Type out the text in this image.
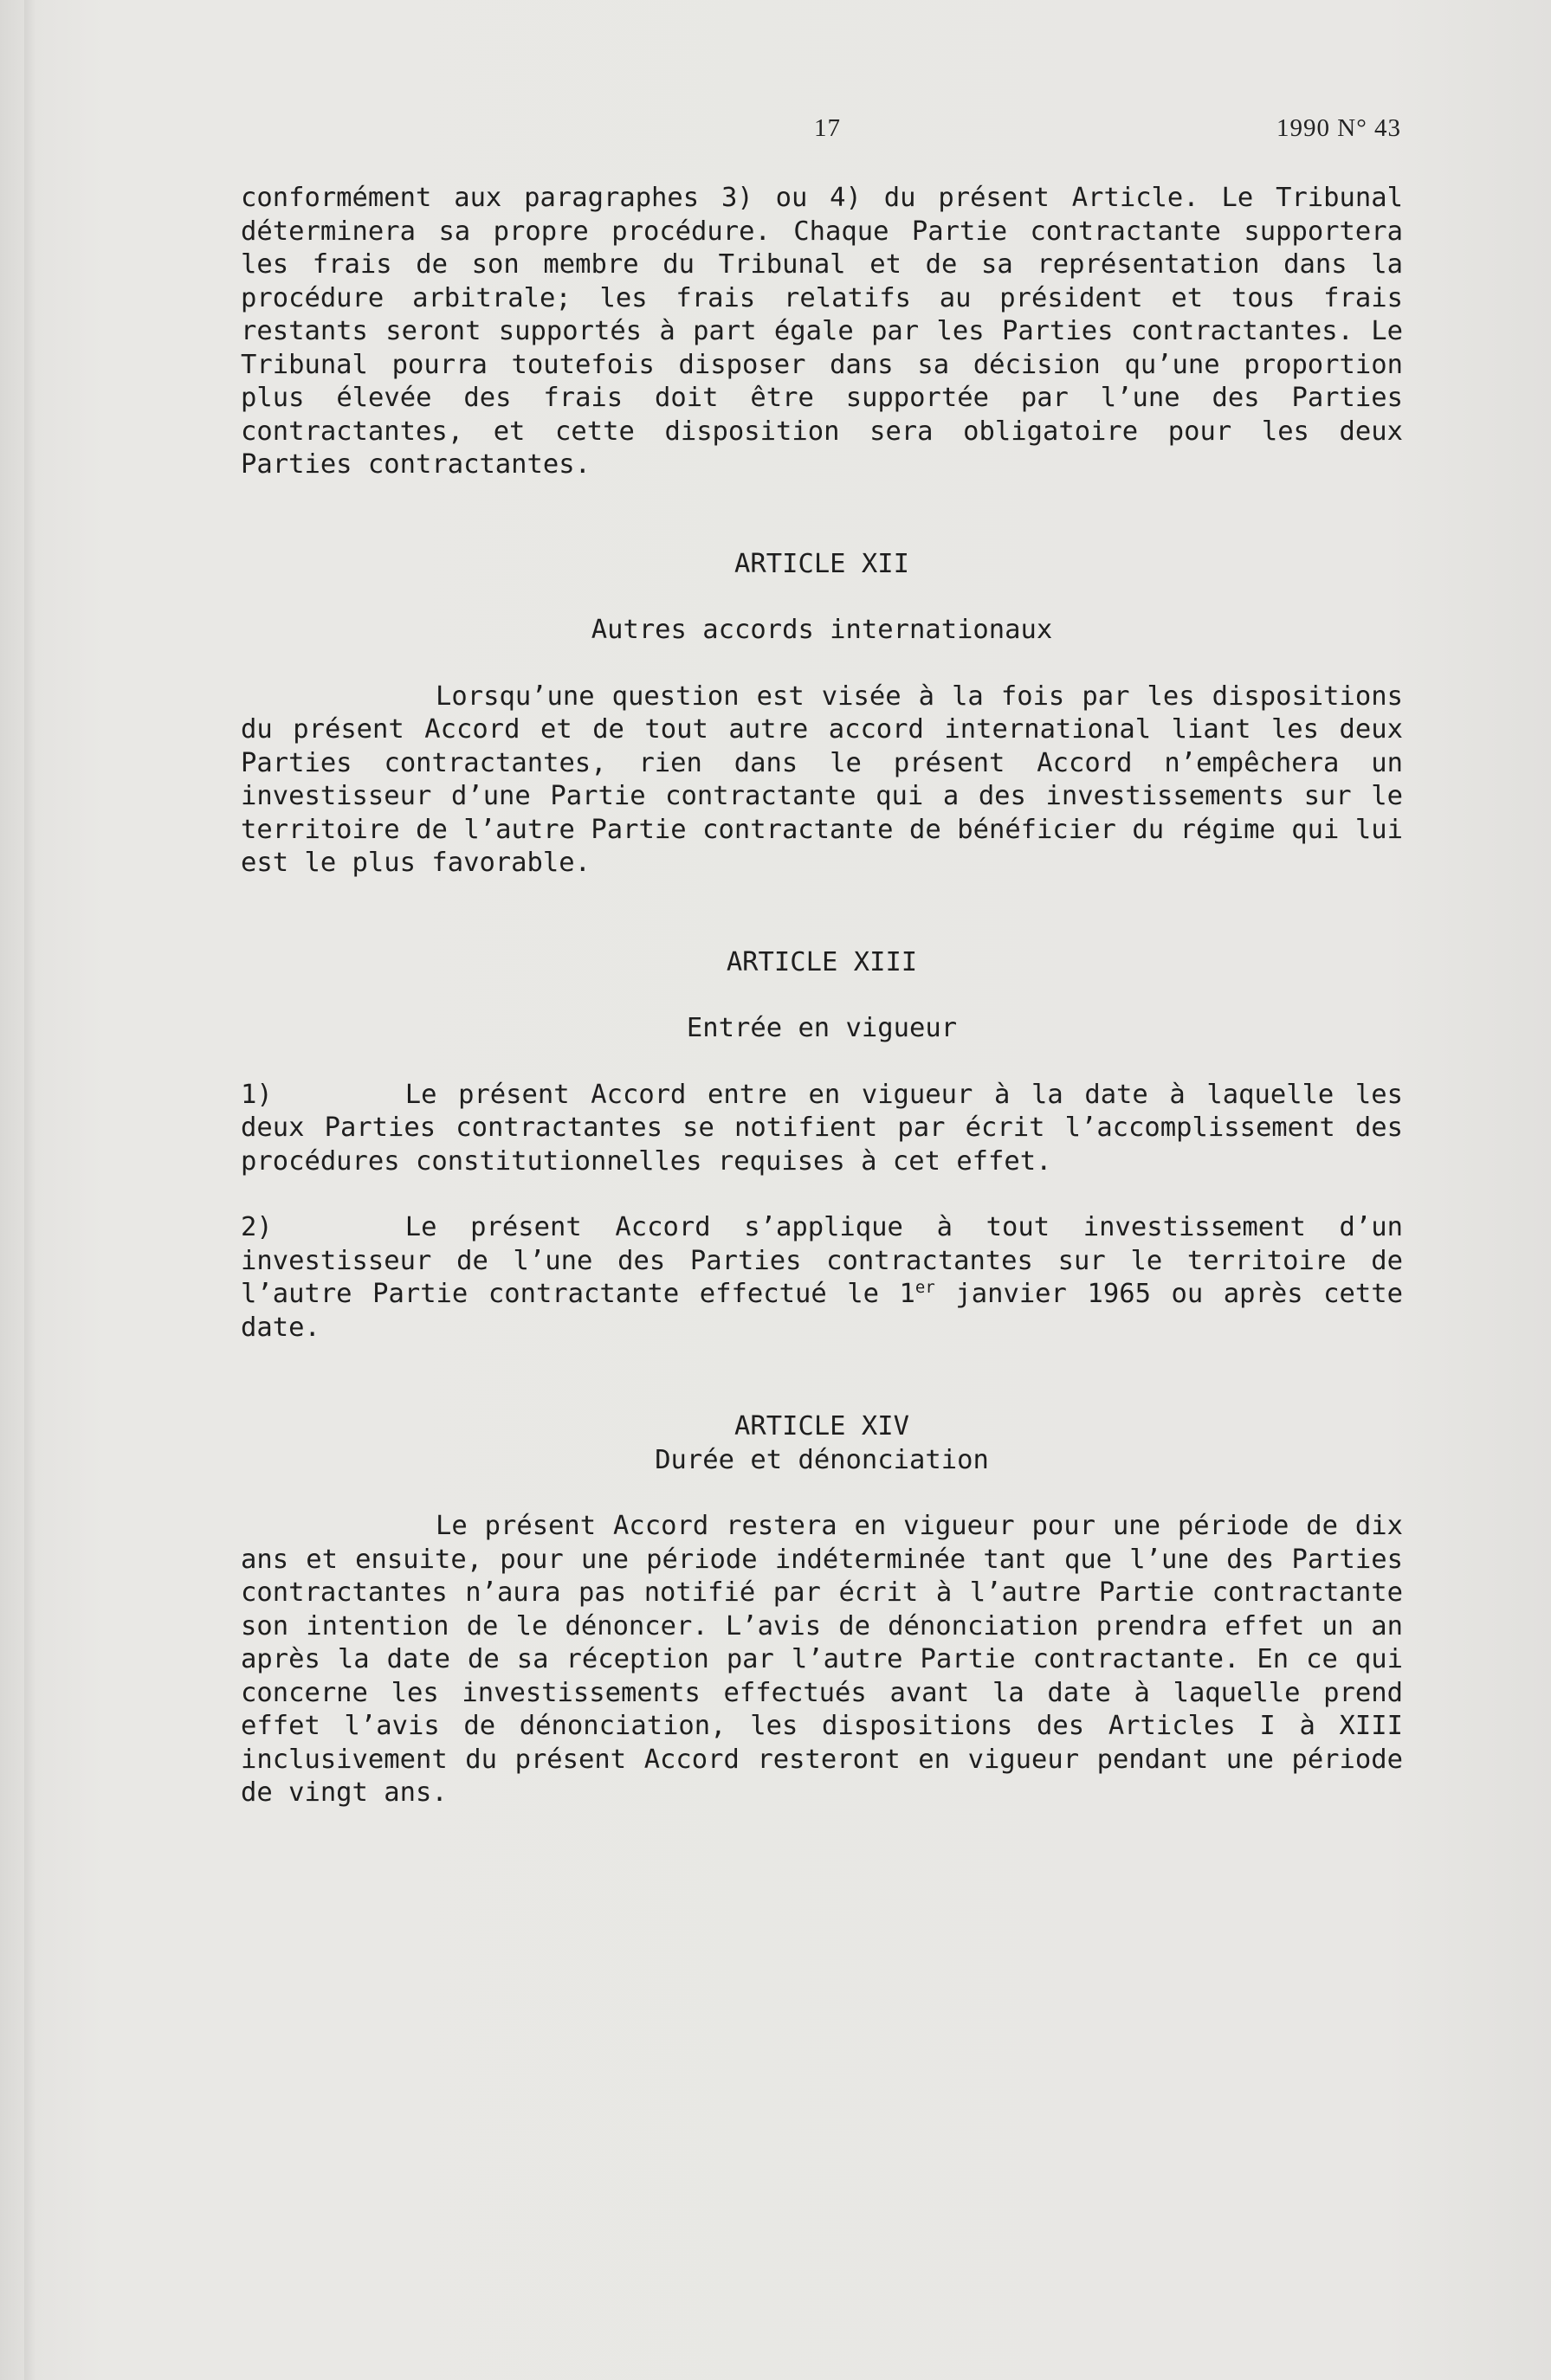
17	1990 N° 43

conformément aux paragraphes 3) ou 4) du présent Article. Le Tribunal déterminera sa propre procédure. Chaque Partie contractante supportera les frais de son membre du Tribunal et de sa représentation dans la procédure arbitrale; les frais relatifs au président et tous frais restants seront supportés à part égale par les Parties contractantes. Le Tribunal pourra toutefois disposer dans sa décision qu’une proportion plus élevée des frais doit être supportée par l’une des Parties contractantes, et cette disposition sera obligatoire pour les deux Parties contractantes.

ARTICLE XII

Autres accords internationaux

Lorsqu’une question est visée à la fois par les dispositions du présent Accord et de tout autre accord international liant les deux Parties contractantes, rien dans le présent Accord n’empêchera un investisseur d’une Partie contractante qui a des investissements sur le territoire de l’autre Partie contractante de bénéficier du régime qui lui est le plus favorable.

ARTICLE XIII

Entrée en vigueur

1)	Le présent Accord entre en vigueur à la date à laquelle les deux Parties contractantes se notifient par écrit l’accomplissement des procédures constitutionnelles requises à cet effet.

2)	Le présent Accord s’applique à tout investissement d’un investisseur de l’une des Parties contractantes sur le territoire de l’autre Partie contractante effectué le 1er janvier 1965 ou après cette date.

ARTICLE XIV

Durée et dénonciation

Le présent Accord restera en vigueur pour une période de dix ans et ensuite, pour une période indéterminée tant que l’une des Parties contractantes n’aura pas notifié par écrit à l’autre Partie contractante son intention de le dénoncer. L’avis de dénonciation prendra effet un an après la date de sa réception par l’autre Partie contractante. En ce qui concerne les investissements effectués avant la date à laquelle prend effet l’avis de dénonciation, les dispositions des Articles I à XIII inclusivement du présent Accord resteront en vigueur pendant une période de vingt ans.
